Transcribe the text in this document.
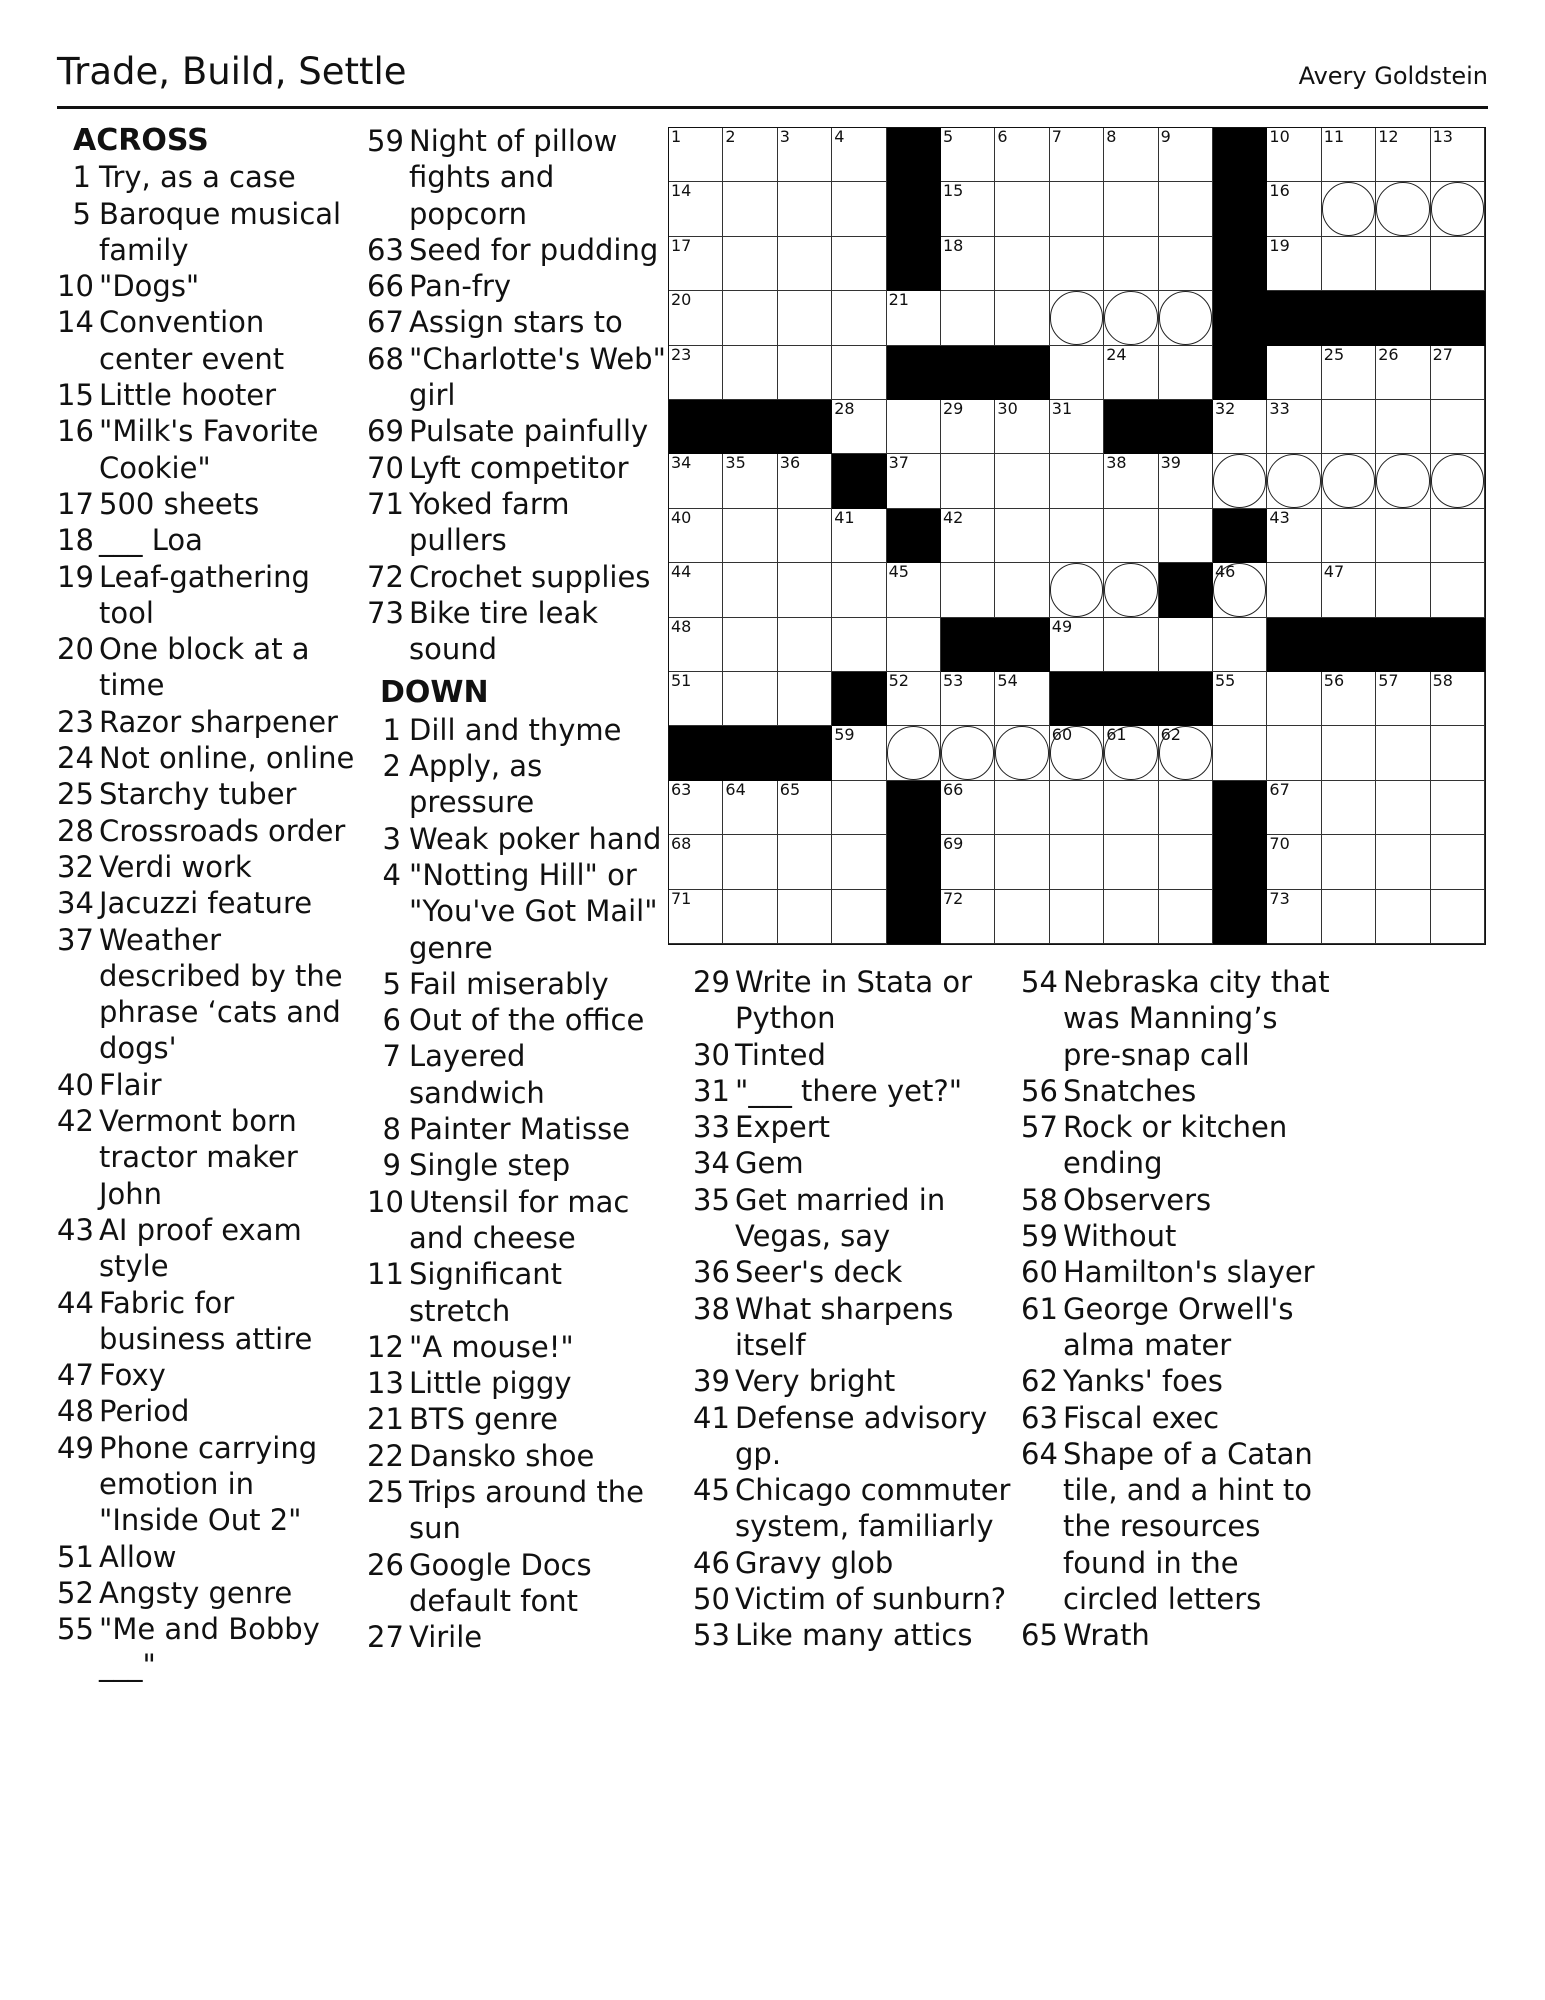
Trade, Build, Settle	Avery Goldstein
ACROSS
1 Try, as a case
5 Baroque musical family
10 "Dogs"
14 Convention center event
15 Little hooter
16 "Milk's Favorite Cookie"
17 500 sheets
18 ___ Loa
19 Leaf-gathering tool
20 One block at a time
23 Razor sharpener
24 Not online, online
25 Starchy tuber
28 Crossroads order
32 Verdi work
34 Jacuzzi feature
37 Weather described by the phrase ‘cats and dogs'
40 Flair
42 Vermont born tractor maker John
43 AI proof exam style
44 Fabric for business attire
47 Foxy
48 Period
49 Phone carrying emotion in "Inside Out 2"
51 Allow
52 Angsty genre
55 "Me and Bobby ___"
59 Night of pillow fights and popcorn
63 Seed for pudding
66 Pan-fry
67 Assign stars to
68 "Charlotte's Web" girl
69 Pulsate painfully
70 Lyft competitor
71 Yoked farm pullers
72 Crochet supplies
73 Bike tire leak sound
DOWN
1 Dill and thyme
2 Apply, as pressure
3 Weak poker hand
4 "Notting Hill" or "You've Got Mail" genre
5 Fail miserably
6 Out of the office
7 Layered sandwich
8 Painter Matisse
9 Single step
10 Utensil for mac and cheese
11 Significant stretch
12 "A mouse!"
13 Little piggy
21 BTS genre
22 Dansko shoe
25 Trips around the sun
26 Google Docs default font
27 Virile
29 Write in Stata or Python
30 Tinted
31 "___ there yet?"
33 Expert
34 Gem
35 Get married in Vegas, say
36 Seer's deck
38 What sharpens itself
39 Very bright
41 Defense advisory gp.
45 Chicago commuter system, familiarly
46 Gravy glob
50 Victim of sunburn?
53 Like many attics
54 Nebraska city that was Manning’s pre-snap call
56 Snatches
57 Rock or kitchen ending
58 Observers
59 Without
60 Hamilton's slayer
61 George Orwell's alma mater
62 Yanks' foes
63 Fiscal exec
64 Shape of a Catan tile, and a hint to the resources found in the circled letters
65 Wrath
1	2	3	4	5	6	7	8	9	10 11 12 13
14	15	16
17	18	19
20	21
23	24	25 26 27
28	29 30 31	32 33
34 35 36	37	38 39
40	41	42	43
44	45	46	47
48	49
51	52 53 54	55	56 57 58
59	60 61 62
63 64 65	66	67
68	69	70
71	72	73
